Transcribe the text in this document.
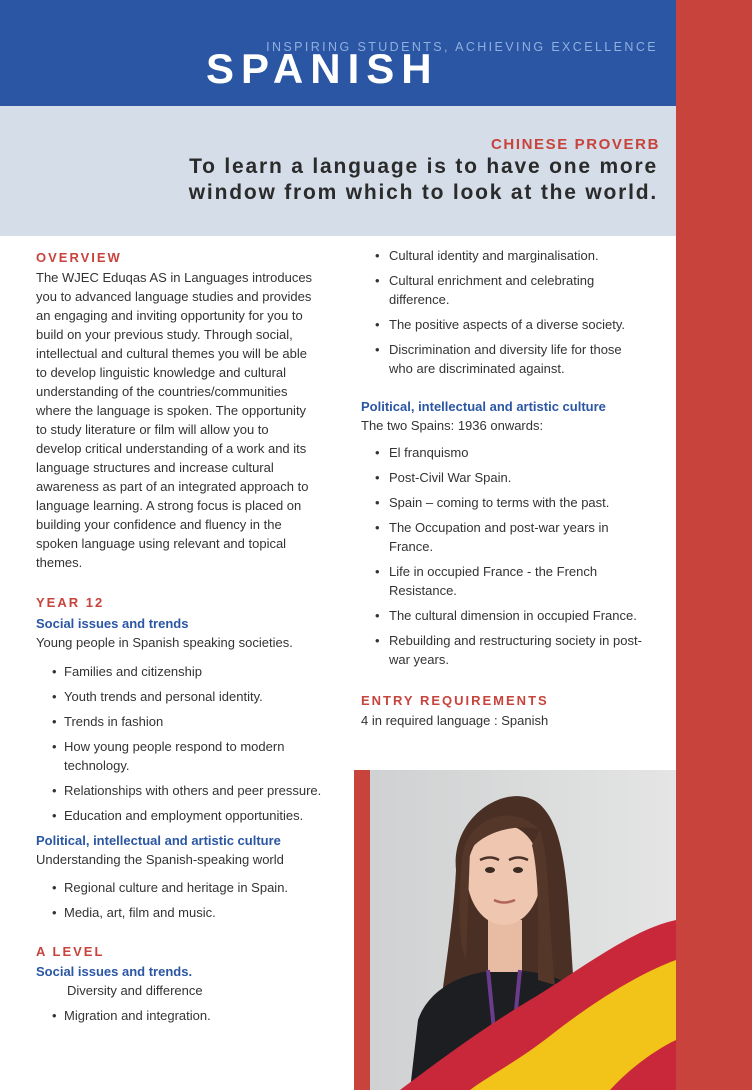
INSPIRING STUDENTS, ACHIEVING EXCELLENCE
SPANISH
CHINESE PROVERB
To learn a language is to have one more
window from which to look at the world.
OVERVIEW
The WJEC Eduqas AS in Languages introduces
you to advanced language studies and provides
an engaging and inviting opportunity for you to
build on your previous study. Through social,
intellectual and cultural themes you will be able
to develop linguistic knowledge and cultural
understanding of the countries/communities
where the language is spoken. The opportunity
to study literature or film will allow you to
develop critical understanding of a work and its
language structures and increase cultural
awareness as part of an integrated approach to
language learning. A strong focus is placed on
building your confidence and fluency in the
spoken language using relevant and topical
themes.
YEAR 12
Social issues and trends
Young people in Spanish speaking societies.
• Families and citizenship
• Youth trends and personal identity.
• Trends in fashion
• How young people respond to modern
technology.
• Relationships with others and peer pressure.
• Education and employment opportunities.
Political, intellectual and artistic culture
Understanding the Spanish-speaking world
• Regional culture and heritage in Spain.
• Media, art, film and music.
A LEVEL
Social issues and trends.
Diversity and difference
• Migration and integration.
• Cultural identity and marginalisation.
• Cultural enrichment and celebrating
difference.
• The positive aspects of a diverse society.
• Discrimination and diversity life for those
who are discriminated against.
Political, intellectual and artistic culture
The two Spains: 1936 onwards:
• El franquismo
• Post-Civil War Spain.
• Spain – coming to terms with the past.
• The Occupation and post-war years in
France.
• Life in occupied France - the French
Resistance.
• The cultural dimension in occupied France.
• Rebuilding and restructuring society in post-
war years.
ENTRY REQUIREMENTS
4 in required language : Spanish
